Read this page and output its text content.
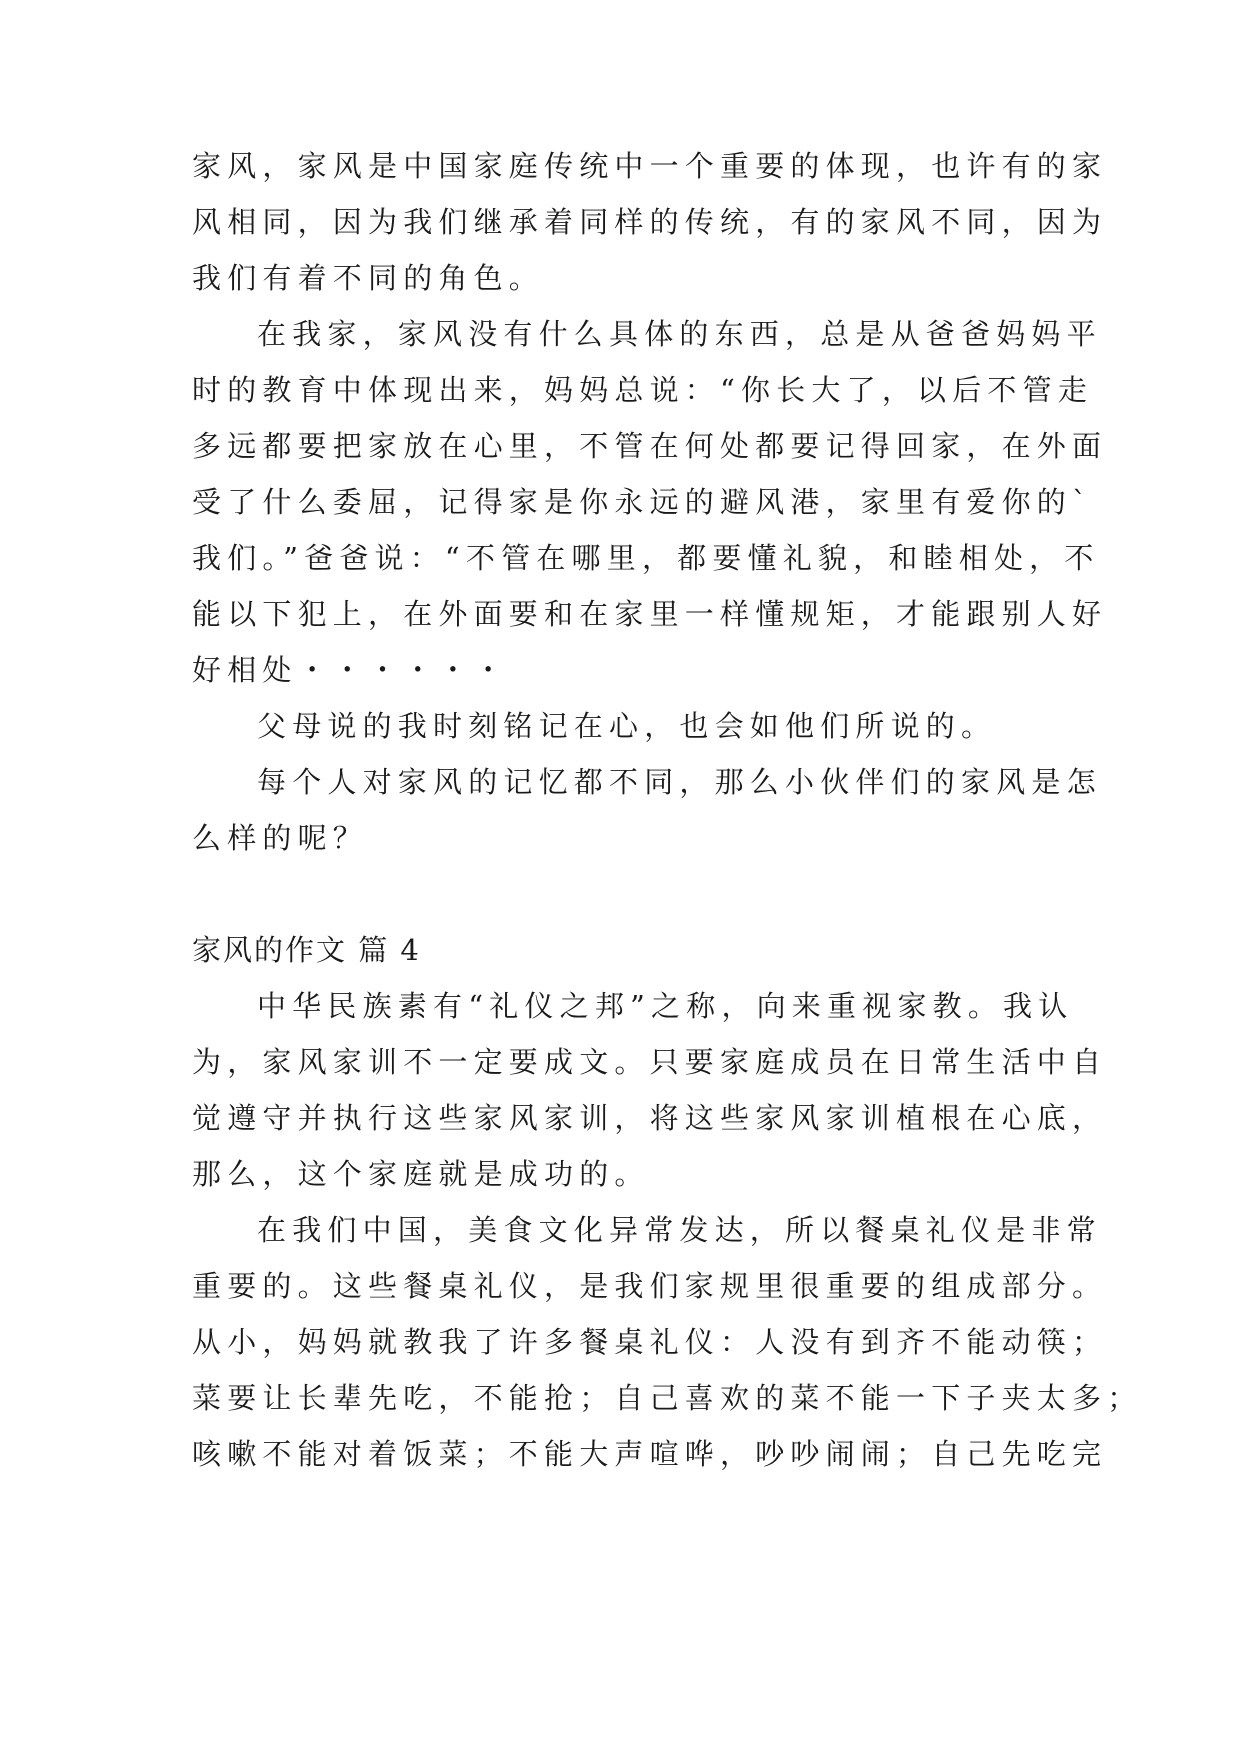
家风，家风是中国家庭传统中一个重要的体现，也许有的家

风相同，因为我们继承着同样的传统，有的家风不同，因为

我们有着不同的角色。

在我家，家风没有什么具体的东西，总是从爸爸妈妈平

时的教育中体现出来，妈妈总说：“你长大了，以后不管走

多远都要把家放在心里，不管在何处都要记得回家，在外面

受了什么委屈，记得家是你永远的避风港，家里有爱你的`

我们。”爸爸说：“不管在哪里，都要懂礼貌，和睦相处，不

能以下犯上，在外面要和在家里一样懂规矩，才能跟别人好

好相处・・・・・・

父母说的我时刻铭记在心，也会如他们所说的。

每个人对家风的记忆都不同，那么小伙伴们的家风是怎

么样的呢？

家风的作文 篇 4

中华民族素有“礼仪之邦”之称，向来重视家教。我认

为，家风家训不一定要成文。只要家庭成员在日常生活中自

觉遵守并执行这些家风家训，将这些家风家训植根在心底，

那么，这个家庭就是成功的。

在我们中国，美食文化异常发达，所以餐桌礼仪是非常

重要的。这些餐桌礼仪，是我们家规里很重要的组成部分。

从小，妈妈就教我了许多餐桌礼仪：人没有到齐不能动筷；

菜要让长辈先吃，不能抢；自己喜欢的菜不能一下子夹太多；

咳嗽不能对着饭菜；不能大声喧哗，吵吵闹闹；自己先吃完
